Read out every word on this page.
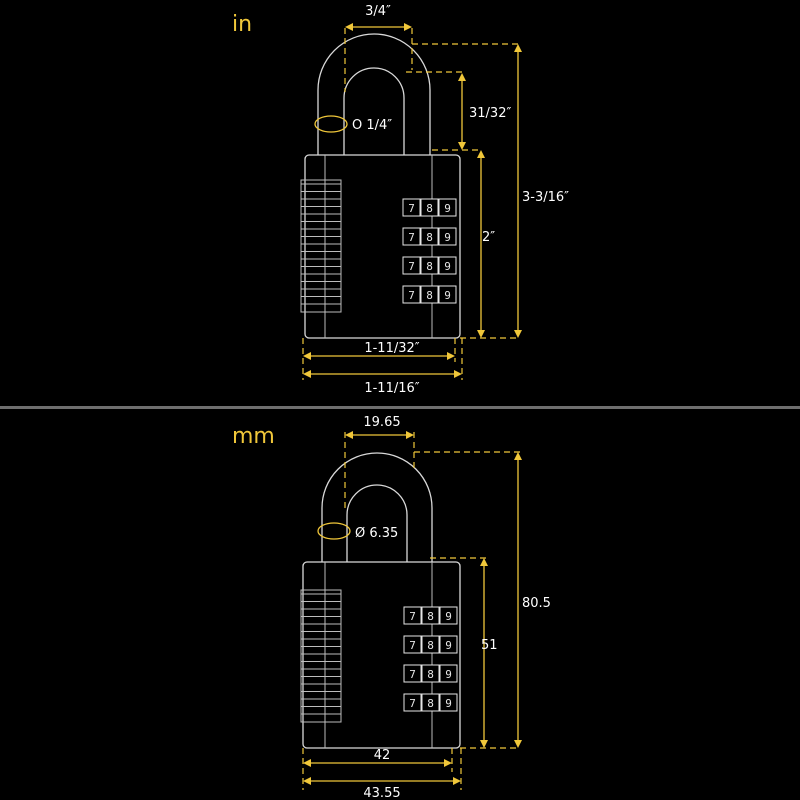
in
7 8 9
7 8 9
7 8 9
7 8 9
O 1/4″
3/4″
31/32″
2″
3-3/16″
1-11/32″
1-11/16″
mm
7 8 9
7 8 9
7 8 9
7 8 9
Ø 6.35
19.65
51
80.5
42
43.55
